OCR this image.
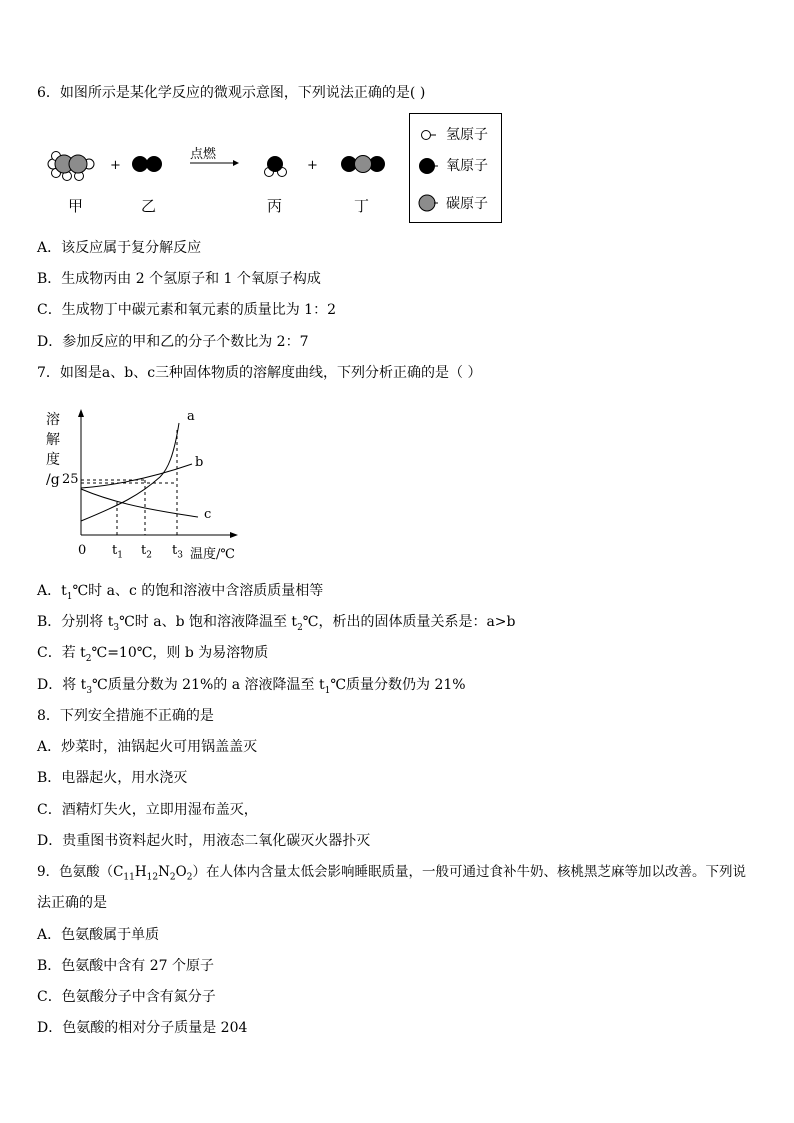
6．如图所示是某化学反应的微观示意图，下列说法正确的是( )
+	+
点燃
甲	乙	丙	丁
氢原子
氧原子
碳原子
A．该反应属于复分解反应
B．生成物丙由 2 个氢原子和 1 个氧原子构成
C．生成物丁中碳元素和氧元素的质量比为 1：2
D．参加反应的甲和乙的分子个数比为 2：7
7．如图是a、b、c三种固体物质的溶解度曲线，下列分析正确的是（ ）
溶
解
度
/g 25
0 $t_1$ $t_2$ $t_3$ 温度/℃
a
b
c
A．$t_1℃$时 a、c 的饱和溶液中含溶质质量相等
B．分别将 $t_3℃$时 a、b 饱和溶液降温至 $t_2℃$，析出的固体质量关系是：a>b
C．若 $t_2℃=10℃$，则 b 为易溶物质
D．将 $t_3℃$质量分数为 21%的 a 溶液降温至 $t_1℃$质量分数仍为 21%
8．下列安全措施不正确的是
A．炒菜时，油锅起火可用锅盖盖灭
B．电器起火，用水浇灭
C．酒精灯失火，立即用湿布盖灭，
D．贵重图书资料起火时，用液态二氧化碳灭火器扑灭
9．色氨酸$(C_{11}H_{12}N_2O_2)$在人体内含量太低会影响睡眠质量，一般可通过食补牛奶、核桃黑芝麻等加以改善。下列说
法正确的是
A．色氨酸属于单质
B．色氨酸中含有 27 个原子
C．色氨酸分子中含有氮分子
D．色氨酸的相对分子质量是 204
